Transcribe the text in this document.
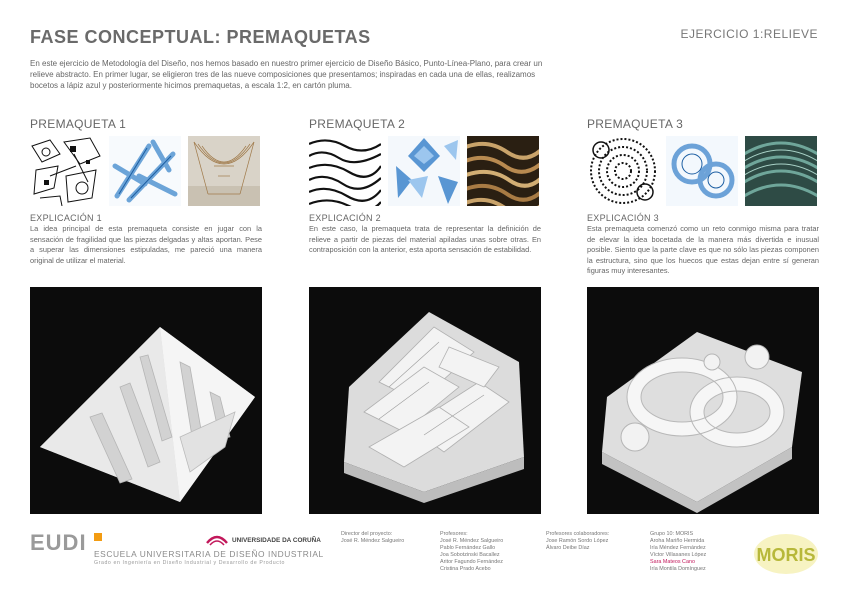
FASE CONCEPTUAL: PREMAQUETAS	EJERCICIO 1:RELIEVE
En este ejercicio de Metodología del Diseño, nos hemos basado en nuestro primer ejercicio de Diseño Básico, Punto-Línea-Plano, para crear un relieve abstracto. En primer lugar, se eligieron tres de las nueve composiciones que presentamos; inspiradas en cada una de ellas, realizamos bocetos a lápiz azul y posteriormente hicimos premaquetas, a escala 1:2, en cartón pluma.
PREMAQUETA 1
EXPLICACIÓN 1
La idea principal de esta premaqueta consiste en jugar con la sensación de fragilidad que las piezas delgadas y altas aportan. Pese a superar las dimensiones estipuladas, me pareció una manera original de utilizar el material.
PREMAQUETA 2
EXPLICACIÓN 2
En este caso, la premaqueta trata de representar la definición de relieve a partir de piezas del material apiladas unas sobre otras. En contraposición con la anterior, esta aporta sensación de estabilidad.
PREMAQUETA 3
EXPLICACIÓN 3
Esta premaqueta comenzó como un reto conmigo misma para tratar de elevar la idea bocetada de la manera más divertida e inusual posible. Siento que la parte clave es que no sólo las piezas componen la estructura, sino que los huecos que estas dejan entre sí generan figuras muy interesantes.
EUDI ESCUELA UNIVERSITARIA DE DISEÑO INDUSTRIAL
Grado en Ingeniería en Diseño Industrial y Desarrollo de Producto
UNIVERSIDADE DA CORUÑA
Director del proyecto:
José R. Méndez Salgueiro
Profesores:
José R. Méndez Salgueiro
Pablo Fernández Gallo
Joa Sobotzinski Bacallez
Aritor Fagundo Fernández
Cristina Prado Acebo
Profesores colaboradores:
Jose Ramón Sordo López
Álvaro Deibe Díaz
Grupo 10: MORIS
Aroha Mariño Hermida
Iría Méndez Fernández
Víctor Villasanes López
Sara Mateos Cano
Iría Montila Domínguez
MORIS
